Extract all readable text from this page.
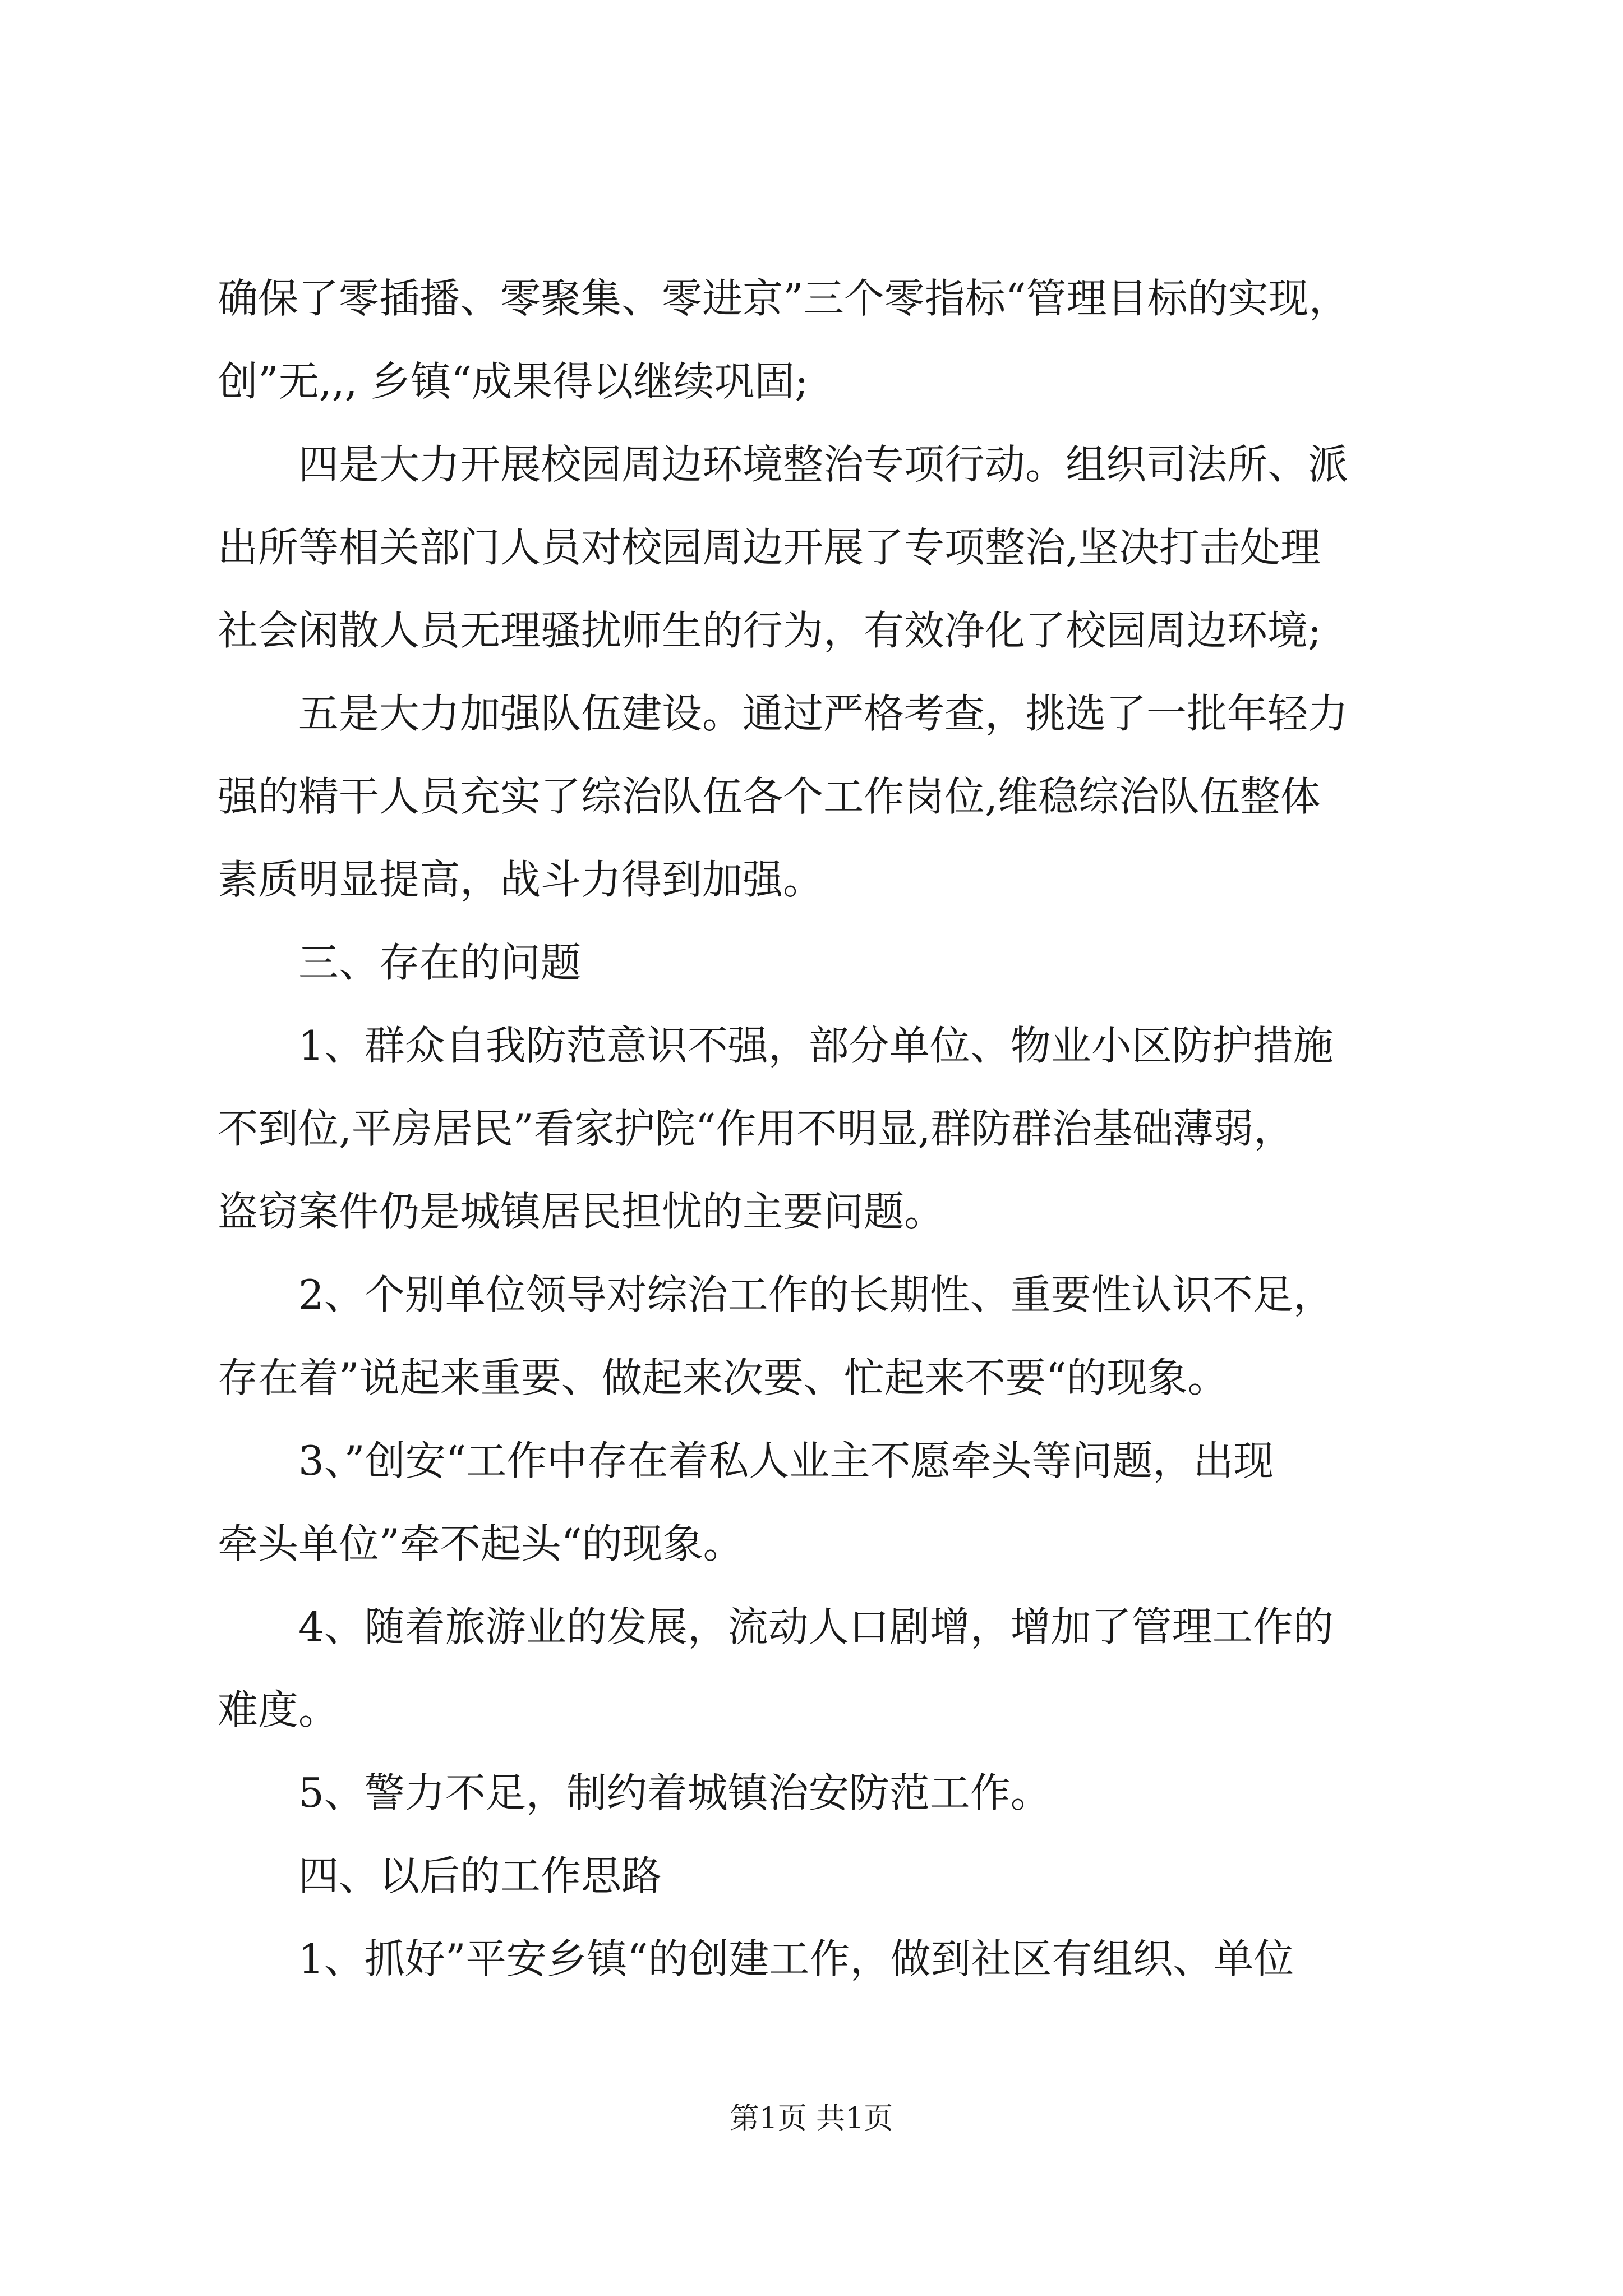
确保了零插播、零聚集、零进京”三个零指标“管理目标的实现，
创”无,,, 乡镇“成果得以继续巩固;
四是大力开展校园周边环境整治专项行动。组织司法所、派
出所等相关部门人员对校园周边开展了专项整治,坚决打击处理
社会闲散人员无理骚扰师生的行为，有效净化了校园周边环境;
五是大力加强队伍建设。通过严格考查，挑选了一批年轻力
强的精干人员充实了综治队伍各个工作岗位,维稳综治队伍整体
素质明显提高，战斗力得到加强。
三、存在的问题
1、群众自我防范意识不强，部分单位、物业小区防护措施
不到位,平房居民”看家护院“作用不明显,群防群治基础薄弱，
盗窃案件仍是城镇居民担忧的主要问题。
2、个别单位领导对综治工作的长期性、重要性认识不足，
存在着”说起来重要、做起来次要、忙起来不要“的现象。
3、”创安“工作中存在着私人业主不愿牵头等问题，出现
牵头单位”牵不起头“的现象。
4、随着旅游业的发展，流动人口剧增，增加了管理工作的
难度。
5、警力不足，制约着城镇治安防范工作。
四、以后的工作思路
1、抓好”平安乡镇“的创建工作，做到社区有组织、单位
第1页 共1页
